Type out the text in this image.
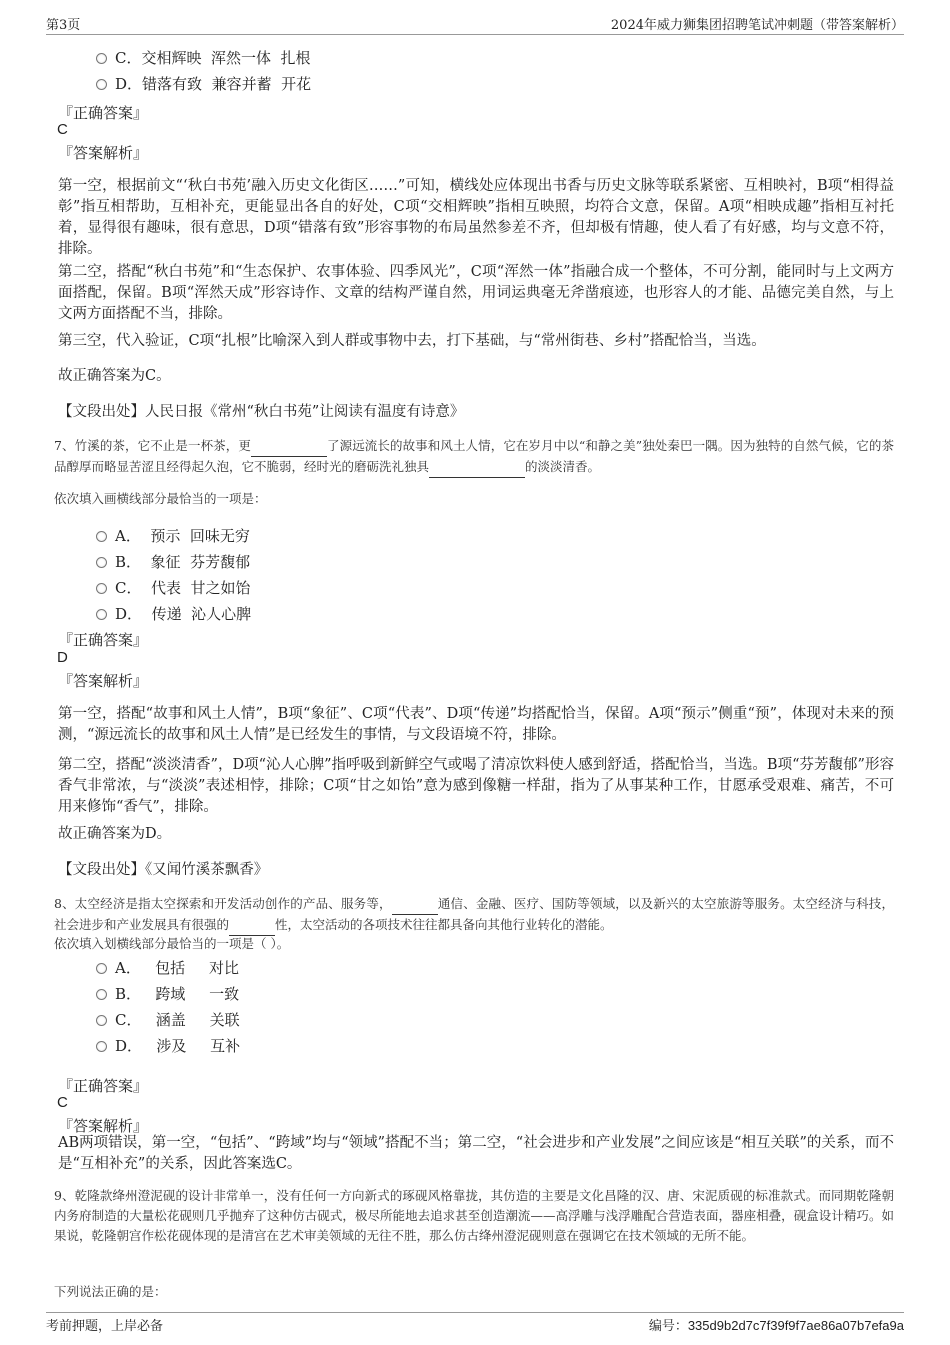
第3页	2024年威力狮集团招聘笔试冲刺题（带答案解析）
C．交相辉映  浑然一体  扎根
D．错落有致  兼容并蓄  开花
『正确答案』
C
『答案解析』
第一空，根据前文“‘秋白书苑’融入历史文化街区……”可知，横线处应体现出书香与历史文脉等联系紧密、互相映衬，B项“相得益彰”指互相帮助，互相补充，更能显出各自的好处，C项“交相辉映”指相互映照，均符合文意，保留。A项“相映成趣”指相互衬托着，显得很有趣味，很有意思，D项“错落有致”形容事物的布局虽然参差不齐，但却极有情趣，使人看了有好感，均与文意不符，排除。
第二空，搭配“秋白书苑”和“生态保护、农事体验、四季风光”，C项“浑然一体”指融合成一个整体，不可分割，能同时与上文两方面搭配，保留。B项“浑然天成”形容诗作、文章的结构严谨自然，用词运典毫无斧凿痕迹，也形容人的才能、品德完美自然，与上文两方面搭配不当，排除。
第三空，代入验证，C项“扎根”比喻深入到人群或事物中去，打下基础，与“常州街巷、乡村”搭配恰当，当选。
故正确答案为C。
【文段出处】人民日报《常州“秋白书苑”让阅读有温度有诗意》
7、竹溪的茶，它不止是一杯茶，更	了源远流长的故事和风土人情，它在岁月中以“和静之美”独处秦巴一隅。因为独特的自然气候，它的茶品醇厚而略显苦涩且经得起久泡，它不脆弱，经时光的磨砺洗礼独具	的淡淡清香。
依次填入画横线部分最恰当的一项是：
A．  预示  回味无穷
B．  象征  芬芳馥郁
C．  代表  甘之如饴
D．  传递  沁人心脾
『正确答案』
D
『答案解析』
第一空，搭配“故事和风土人情”，B项“象征”、C项“代表”、D项“传递”均搭配恰当，保留。A项“预示”侧重“预”，体现对未来的预测，“源远流长的故事和风土人情”是已经发生的事情，与文段语境不符，排除。
第二空，搭配“淡淡清香”，D项“沁人心脾”指呼吸到新鲜空气或喝了清凉饮料使人感到舒适，搭配恰当，当选。B项“芬芳馥郁”形容香气非常浓，与“淡淡”表述相悖，排除；C项“甘之如饴”意为感到像糖一样甜，指为了从事某种工作，甘愿承受艰难、痛苦，不可用来修饰“香气”，排除。
故正确答案为D。
【文段出处】《又闻竹溪茶飘香》
8、太空经济是指太空探索和开发活动创作的产品、服务等，	通信、金融、医疗、国防等领域，以及新兴的太空旅游等服务。太空经济与科技，社会进步和产业发展具有很强的	性，太空活动的各项技术往往都具备向其他行业转化的潜能。
依次填入划横线部分最恰当的一项是（ ）。
A．   包括     对比
B．   跨域     一致
C．   涵盖     关联
D．   涉及     互补
『正确答案』
C
『答案解析』
AB两项错误，第一空，“包括”、“跨域”均与“领域”搭配不当；第二空，“社会进步和产业发展”之间应该是“相互关联”的关系，而不是“互相补充”的关系，因此答案选C。
9、乾隆款绛州澄泥砚的设计非常单一，没有任何一方向新式的琢砚风格靠拢，其仿造的主要是文化昌隆的汉、唐、宋泥质砚的标准款式。而同期乾隆朝内务府制造的大量松花砚则几乎抛弃了这种仿古砚式，极尽所能地去追求甚至创造潮流——高浮雕与浅浮雕配合营造表面，器座相叠，砚盒设计精巧。如果说，乾隆朝宫作松花砚体现的是清宫在艺术审美领域的无往不胜，那么仿古绛州澄泥砚则意在强调它在技术领域的无所不能。
下列说法正确的是：
考前押题，上岸必备	编号：335d9b2d7c7f39f9f7ae86a07b7efa9a
